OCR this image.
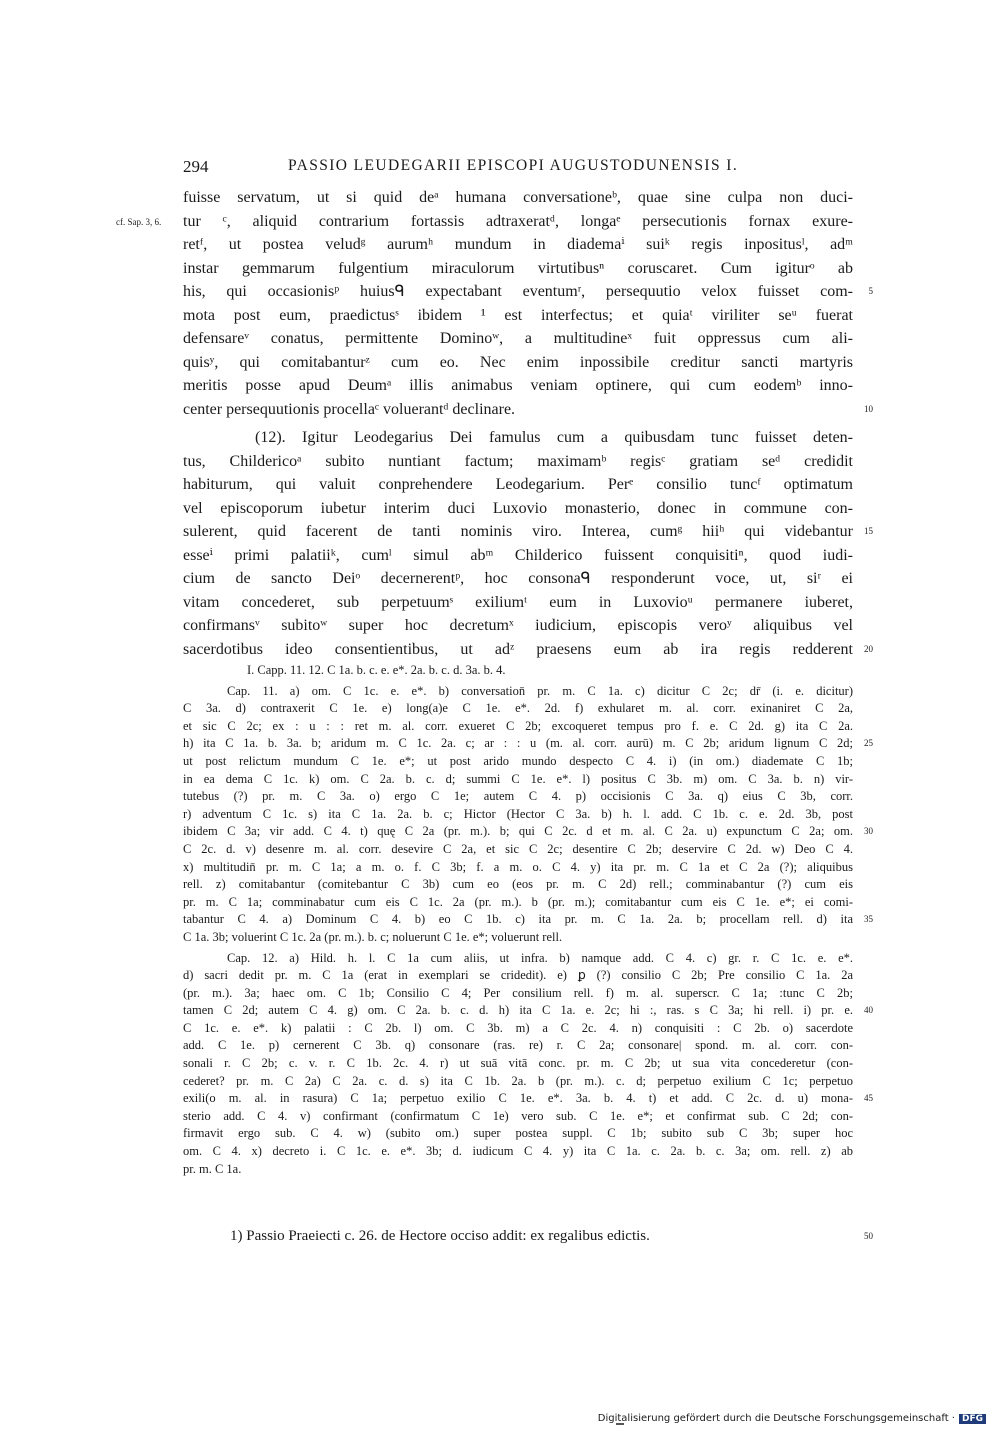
294	PASSIO LEUDEGARII EPISCOPI AUGUSTODUNENSIS I.
fuisse servatum, ut si quid deᵃ humana conversationeᵇ, quae sine culpa non duci-
tur ᶜ, aliquid contrarium fortassis adtraxeratᵈ, longaᵉ persecutionis fornax exure-
cf. Sap. 3, 6.
retᶠ, ut postea veludᵍ aurumʰ mundum in diademaⁱ suiᵏ regis inpositusˡ, adᵐ
instar gemmarum fulgentium miraculorum virtutibusⁿ coruscaret. Cum igiturᵒ ab
his, qui occasionisᵖ huiusᑫ expectabant eventumʳ, persequutio velox fuisset com- 5
mota post eum, praedictusˢ ibidem ¹ est interfectus; et quiaᵗ viriliter seᵘ fuerat
defensareᵛ conatus, permittente Dominoʷ, a multitudineˣ fuit oppressus cum ali-
quisʸ, qui comitabanturᶻ cum eo. Nec enim inpossibile creditur sancti martyris
meritis posse apud Deumᵃ illis animabus veniam optinere, qui cum eodemᵇ inno-
center persequutionis procellaᶜ voluerantᵈ declinare.	10
(12). Igitur Leodegarius Dei famulus cum a quibusdam tunc fuisset deten-
tus, Childericoᵃ subito nuntiant factum; maximamᵇ regisᶜ gratiam seᵈ credidit
habiturum, qui valuit conprehendere Leodegarium. Perᵉ consilio tuncᶠ optimatum
vel episcoporum iubetur interim duci Luxovio monasterio, donec in commune con-
sulerent, quid facerent de tanti nominis viro. Interea, cumᵍ hiiʰ qui videbantur 15
esseⁱ primi palatiiᵏ, cumˡ simul abᵐ Childerico fuissent conquisitiⁿ, quod iudi-
cium de sancto Deiᵒ decernerentᵖ, hoc consonaᑫ responderunt voce, ut, siʳ ei
vitam concederet, sub perpetuumˢ exiliumᵗ eum in Luxovioᵘ permanere iuberet,
confirmansᵛ subitoʷ super hoc decretumˣ iudicium, episcopis veroʸ aliquibus vel
sacerdotibus ideo consentientibus, ut adᶻ praesens eum ab ira regis redderent 20
I. Capp. 11. 12. C 1a. b. c. e. e*. 2a. b. c. d. 3a. b. 4.
Cap. 11. a) om. C 1c. e. e*. b) conversation̄ pr. m. C 1a. c) dicitur C 2c; dr̄ (i. e. dicitur)
C 3a. d) contraxerit C 1e. e) long(a)e C 1e. e*. 2d. f) exhularet m. al. corr. exinaniret C 2a,
et sic C 2c; ex : u : : ret m. al. corr. exueret C 2b; excoqueret tempus pro f. e. C 2d. g) ita C 2a.
h) ita C 1a. b. 3a. b; aridum m. C 1c. 2a. c; ar : : u (m. al. corr. aurū) m. C 2b; aridum lignum C 2d; 25
ut post relictum mundum C 1e. e*; ut post arido mundo despecto C 4. i) (in om.) diademate C 1b;
in ea dema C 1c. k) om. C 2a. b. c. d; summi C 1e. e*. l) positus C 3b. m) om. C 3a. b. n) vir-
tutebus (?) pr. m. C 3a. o) ergo C 1e; autem C 4. p) occisionis C 3a. q) eius C 3b, corr.
r) adventum C 1c. s) ita C 1a. 2a. b. c; Hictor (Hector C 3a. b) h. l. add. C 1b. c. e. 2d. 3b, post
ibidem C 3a; vir add. C 4. t) quę C 2a (pr. m.). b; qui C 2c. d et m. al. C 2a. u) expunctum C 2a; om. 30
C 2c. d. v) desenre m. al. corr. desevire C 2a, et sic C 2c; desentire C 2b; deservire C 2d. w) Deo C 4.
x) multitudin̄ pr. m. C 1a; a m. o. f. C 3b; f. a m. o. C 4. y) ita pr. m. C 1a et C 2a (?); aliquibus
rell. z) comitabantur (comitebantur C 3b) cum eo (eos pr. m. C 2d) rell.; comminabantur (?) cum eis
pr. m. C 1a; comminabatur cum eis C 1c. 2a (pr. m.). b (pr. m.); comitabantur cum eis C 1e. e*; ei comi-
tabantur C 4. a) Dominum C 4. b) eo C 1b. c) ita pr. m. C 1a. 2a. b; procellam rell. d) ita 35
C 1a. 3b; voluerint C 1c. 2a (pr. m.). b. c; noluerunt C 1e. e*; voluerunt rell.
Cap. 12. a) Hild. h. l. C 1a cum aliis, ut infra. b) namque add. C 4. c) gr. r. C 1c. e. e*.
d) sacri dedit pr. m. C 1a (erat in exemplari se cridedit). e) ꝑ (?) consilio C 2b; Pre consilio C 1a. 2a
(pr. m.). 3a; haec om. C 1b; Consilio C 4; Per consilium rell. f) m. al. superscr. C 1a; :tunc C 2b;
tamen C 2d; autem C 4. g) om. C 2a. b. c. d. h) ita C 1a. e. 2c; hi :, ras. s C 3a; hi rell. i) pr. e. 40
C 1c. e. e*. k) palatii : C 2b. l) om. C 3b. m) a C 2c. 4. n) conquisiti : C 2b. o) sacerdote
add. C 1e. p) cernerent C 3b. q) consonare (ras. re) r. C 2a; consonare| spond. m. al. corr. con-
sonali r. C 2b; c. v. r. C 1b. 2c. 4. r) ut suā vitā conc. pr. m. C 2b; ut sua vita concederetur (con-
cederet? pr. m. C 2a) C 2a. c. d. s) ita C 1b. 2a. b (pr. m.). c. d; perpetuo exilium C 1c; perpetuo
exili(o m. al. in rasura) C 1a; perpetuo exilio C 1e. e*. 3a. b. 4. t) et add. C 2c. d. u) mona- 45
sterio add. C 4. v) confirmant (confirmatum C 1e) vero sub. C 1e. e*; et confirmat sub. C 2d; con-
firmavit ergo sub. C 4. w) (subito om.) super postea suppl. C 1b; subito sub C 3b; super hoc
om. C 4. x) decreto i. C 1c. e. e*. 3b; d. iudicum C 4. y) ita C 1a. c. 2a. b. c. 3a; om. rell. z) ab
pr. m. C 1a.
1) Passio Praeiecti c. 26. de Hectore occiso addit: ex regalibus edictis.	50
Digitalisierung gefördert durch die Deutsche Forschungsgemeinschaft · DFG
